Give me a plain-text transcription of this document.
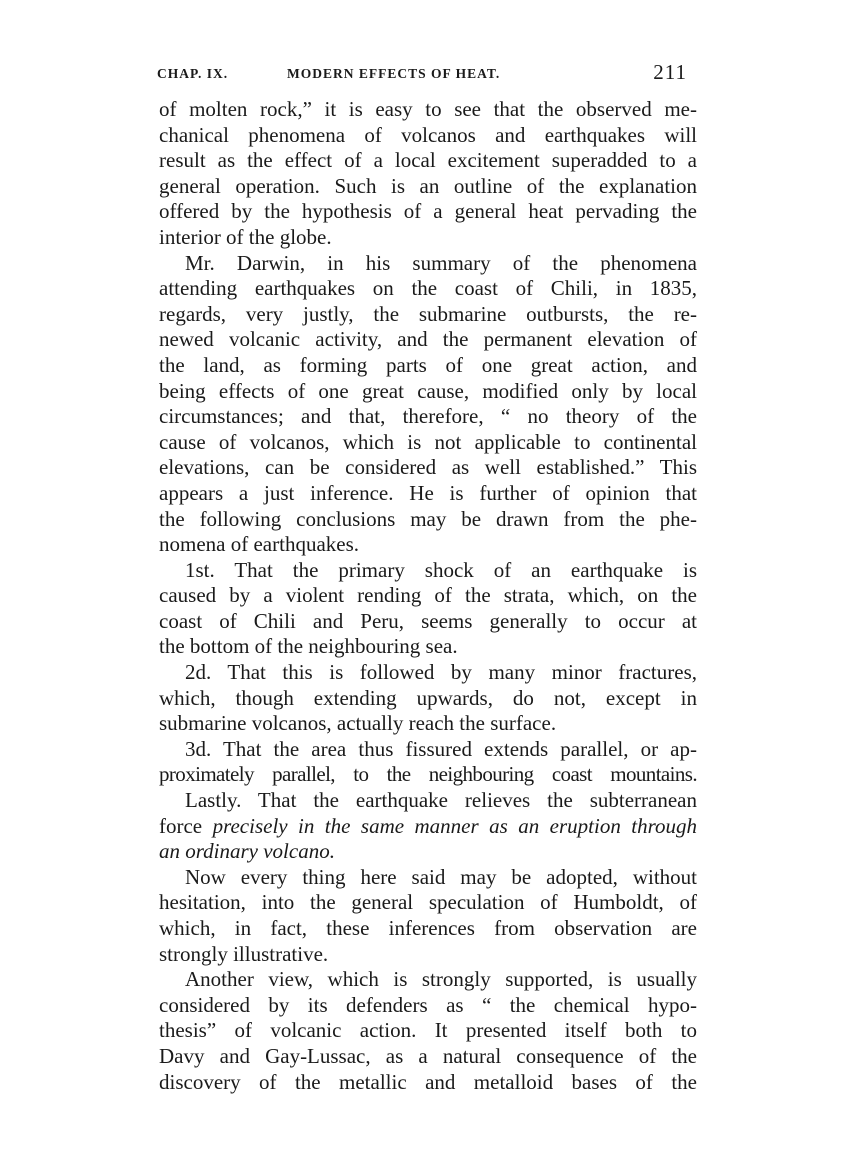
CHAP. IX.	MODERN EFFECTS OF HEAT.	211

of molten rock,” it is easy to see that the observed me-
chanical phenomena of volcanos and earthquakes will
result as the effect of a local excitement superadded to a
general operation. Such is an outline of the explanation
offered by the hypothesis of a general heat pervading the
interior of the globe.

Mr. Darwin, in his summary of the phenomena
attending earthquakes on the coast of Chili, in 1835,
regards, very justly, the submarine outbursts, the re-
newed volcanic activity, and the permanent elevation of
the land, as forming parts of one great action, and
being effects of one great cause, modified only by local
circumstances; and that, therefore, “ no theory of the
cause of volcanos, which is not applicable to continental
elevations, can be considered as well established.” This
appears a just inference. He is further of opinion that
the following conclusions may be drawn from the phe-
nomena of earthquakes.

1st. That the primary shock of an earthquake is
caused by a violent rending of the strata, which, on the
coast of Chili and Peru, seems generally to occur at
the bottom of the neighbouring sea.

2d. That this is followed by many minor fractures,
which, though extending upwards, do not, except in
submarine volcanos, actually reach the surface.

3d. That the area thus fissured extends parallel, or ap-
proximately parallel, to the neighbouring coast mountains.

Lastly. That the earthquake relieves the subterranean
force precisely in the same manner as an eruption through
an ordinary volcano.

Now every thing here said may be adopted, without
hesitation, into the general speculation of Humboldt, of
which, in fact, these inferences from observation are
strongly illustrative.

Another view, which is strongly supported, is usually
considered by its defenders as “ the chemical hypo-
thesis” of volcanic action. It presented itself both to
Davy and Gay-Lussac, as a natural consequence of the
discovery of the metallic and metalloid bases of the
